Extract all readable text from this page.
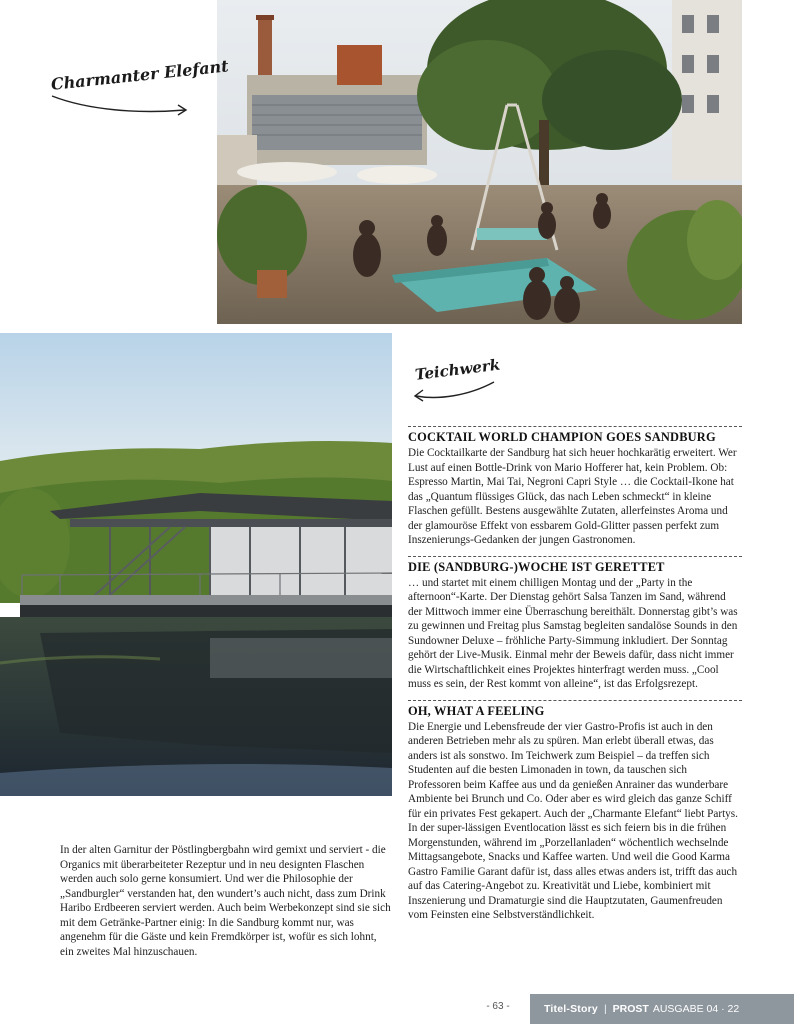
Charmanter Elefant
Teichwerk
COCKTAIL WORLD CHAMPION GOES SANDBURG

Die Cocktailkarte der Sandburg hat sich heuer hochkarätig erweitert. Wer Lust auf einen Bottle-Drink von Mario Hofferer hat, kein Problem. Ob: Espresso Martin, Mai Tai, Negroni Capri Style … die Cocktail-Ikone hat das „Quantum flüssiges Glück, das nach Leben schmeckt“ in kleine Flaschen gefüllt. Bestens ausgewählte Zutaten, allerfeinstes Aroma und der glamouröse Effekt von essbarem Gold-Glitter passen perfekt zum Inszenierungs-Gedanken der jungen Gastronomen.

DIE (SANDBURG-)WOCHE IST GERETTET

… und startet mit einem chilligen Montag und der „Party in the afternoon“-Karte. Der Dienstag gehört Salsa Tanzen im Sand, während der Mittwoch immer eine Überraschung bereithält. Donnerstag gibt’s was zu gewinnen und Freitag plus Samstag begleiten sandalöse Sounds in den Sundowner Deluxe – fröhliche Party-Simmung inkludiert. Der Sonntag gehört der Live-Musik. Einmal mehr der Beweis dafür, dass nicht immer die Wirtschaftlichkeit eines Projektes hinterfragt werden muss. „Cool muss es sein, der Rest kommt von alleine“, ist das Erfolgsrezept.

OH, WHAT A FEELING

Die Energie und Lebensfreude der vier Gastro-Profis ist auch in den anderen Betrieben mehr als zu spüren. Man erlebt überall etwas, das anders ist als sonstwo. Im Teichwerk zum Beispiel – da treffen sich Studenten auf die besten Limonaden in town, da tauschen sich Professoren beim Kaffee aus und da genießen Anrainer das wunderbare Ambiente bei Brunch und Co. Oder aber es wird gleich das ganze Schiff für ein privates Fest gekapert. Auch der „Charmante Elefant“ liebt Partys. In der super-lässigen Eventlocation lässt es sich feiern bis in die frühen Morgenstunden, während im „Porzellanladen“ wöchentlich wechselnde Mittagsangebote, Snacks und Kaffee warten. Und weil die Good Karma Gastro Familie Garant dafür ist, dass alles etwas anders ist, trifft das auch auf das Catering-Angebot zu. Kreativität und Liebe, kombiniert mit Inszenierung und Dramaturgie sind die Hauptzutaten, Gaumenfreuden vom Feinsten eine Selbstverständlichkeit.

In der alten Garnitur der Pöstlingbergbahn wird gemixt und serviert - die Organics mit überarbeiteter Rezeptur und in neu designten Flaschen werden auch solo gerne konsumiert. Und wer die Philosophie der „Sandburgler“ verstanden hat, den wundert’s auch nicht, dass zum Drink Haribo Erdbeeren serviert werden. Auch beim Werbekonzept sind sie sich mit dem Getränke-Partner einig: In die Sandburg kommt nur, was angenehm für die Gäste und kein Fremdkörper ist, wofür es sich lohnt, ein zweites Mal hinzuschauen.

- 63 -	Titel-Story | PROST AUSGABE 04 · 22
